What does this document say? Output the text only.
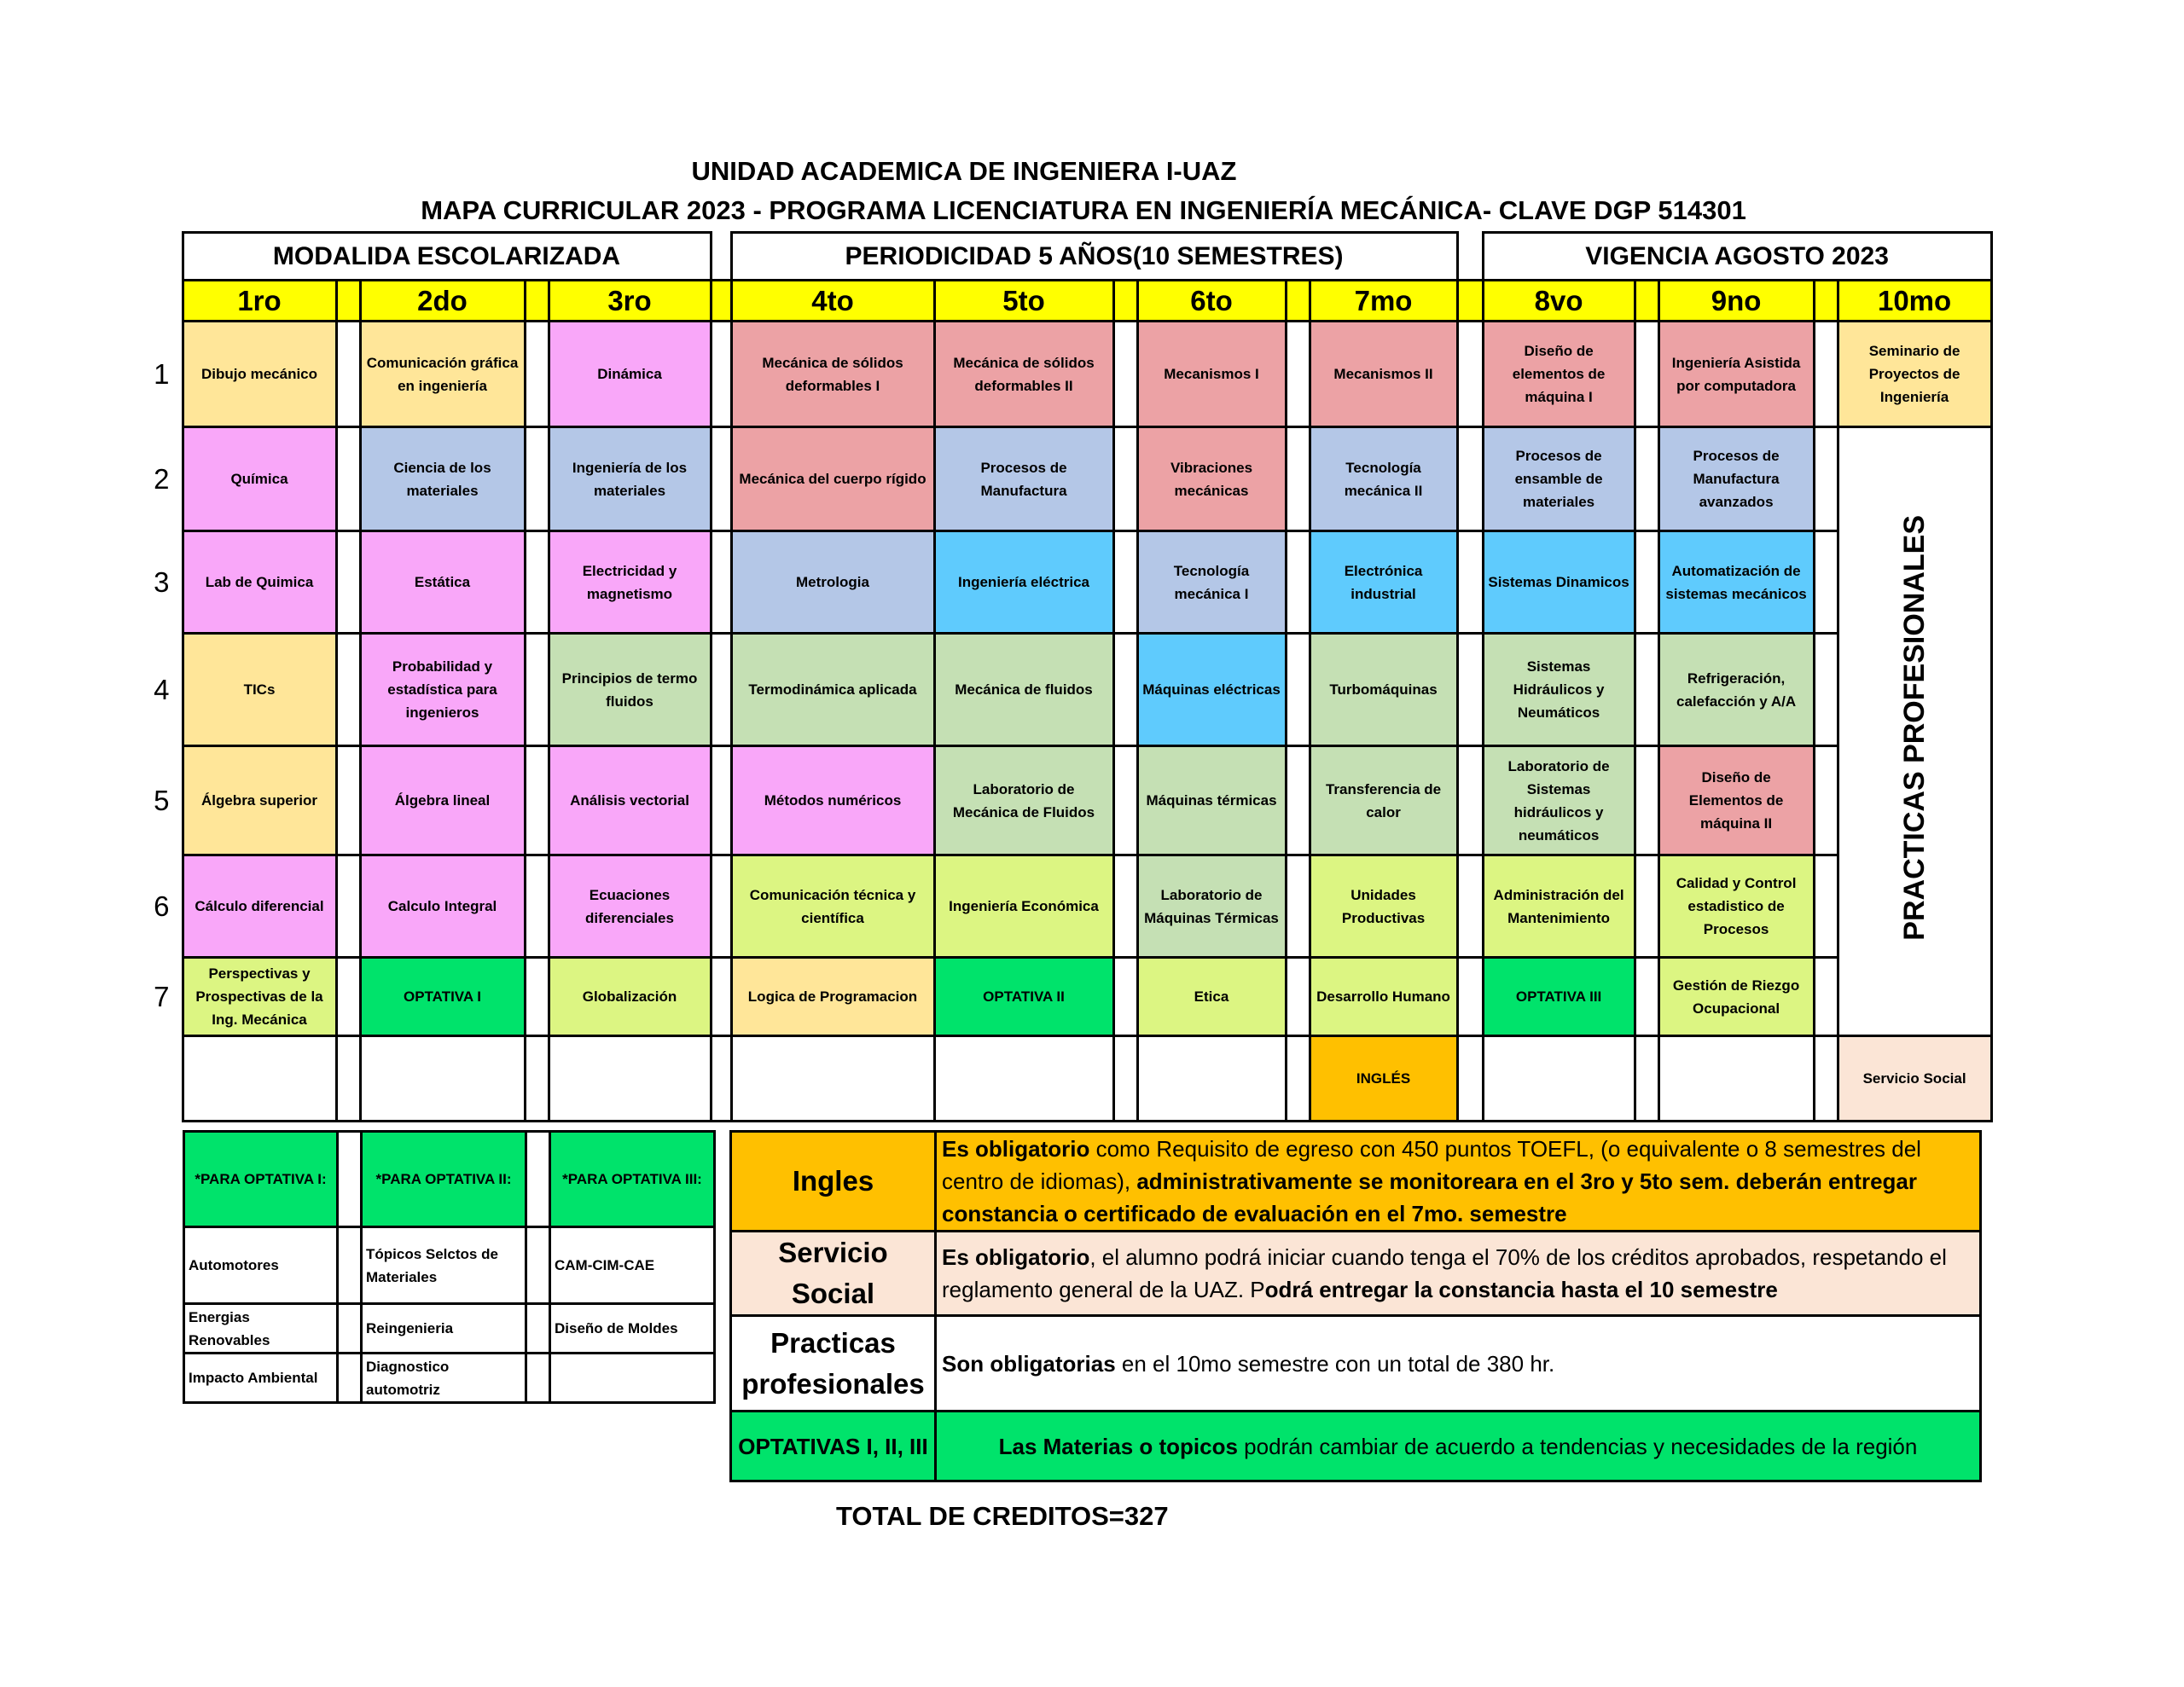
UNIDAD ACADEMICA DE INGENIERA I-UAZ
MAPA CURRICULAR 2023 - PROGRAMA LICENCIATURA EN INGENIERÍA MECÁNICA- CLAVE DGP 514301
	MODALIDA ESCOLARIZADA						PERIODICIDAD 5 AÑOS(10 SEMESTRES)							VIGENCIA AGOSTO 2023				
	1ro		2do		3ro		4to	5to		6to		7mo		8vo		9no		10mo
1	Dibujo mecánico		Comunicación gráfica en ingeniería		Dinámica		Mecánica de sólidos deformables I	Mecánica de sólidos deformables II		Mecanismos I		Mecanismos II		Diseño de elementos de máquina I		Ingeniería Asistida por computadora		Seminario de Proyectos de Ingeniería
2	Química		Ciencia de los materiales		Ingeniería de los materiales		Mecánica del cuerpo rígido	Procesos de Manufactura		Vibraciones mecánicas		Tecnología mecánica II		Procesos de ensamble de materiales		Procesos de Manufactura avanzados		PRACTICAS PROFESIONALES
3	Lab de Quimica		Estática		Electricidad y magnetismo		Metrologia	Ingeniería eléctrica		Tecnología mecánica I		Electrónica industrial		Sistemas Dinamicos		Automatización de sistemas mecánicos		
4	TICs		Probabilidad y estadística para ingenieros		Principios de termo fluidos		Termodinámica aplicada	Mecánica de fluidos		Máquinas eléctricas		Turbomáquinas		Sistemas Hidráulicos y Neumáticos		Refrigeración, calefacción y A/A		
5	Álgebra superior		Álgebra lineal		Análisis vectorial		Métodos numéricos	Laboratorio de Mecánica de Fluidos		Máquinas térmicas		Transferencia de calor		Laboratorio de Sistemas hidráulicos y neumáticos		Diseño de Elementos de máquina II		
6	Cálculo diferencial		Calculo Integral		Ecuaciones diferenciales		Comunicación técnica y científica	Ingeniería Económica		Laboratorio de Máquinas Térmicas		Unidades Productivas		Administración del Mantenimiento		Calidad y Control estadistico de Procesos		
7	Perspectivas y Prospectivas de la Ing. Mecánica		OPTATIVA I		Globalización		Logica de Programacion	OPTATIVA II		Etica		Desarrollo Humano		OPTATIVA III		Gestión de Riezgo Ocupacional		
												INGLÉS						Servicio Social
*PARA OPTATIVA I:		*PARA OPTATIVA II:		*PARA OPTATIVA III:
Automotores		Tópicos Selctos de Materiales		CAM-CIM-CAE
Energias Renovables		Reingenieria		Diseño de Moldes
Impacto Ambiental		Diagnostico automotriz		
Ingles	Es obligatorio como Requisito de egreso con 450 puntos TOEFL, (o equivalente o 8 semestres del centro de idiomas), administrativamente se monitoreara en el 3ro y 5to sem. deberán entregar constancia o certificado de evaluación en el 7mo. semestre
Servicio Social	Es obligatorio, el alumno podrá iniciar cuando tenga el 70% de los créditos aprobados, respetando el reglamento general de la UAZ. Podrá entregar la constancia hasta el 10 semestre
Practicas profesionales	Son obligatorias en el 10mo semestre con un total de 380 hr.
OPTATIVAS I, II, III	Las Materias o topicos podrán cambiar de acuerdo a tendencias y necesidades de la región
TOTAL DE CREDITOS=327
